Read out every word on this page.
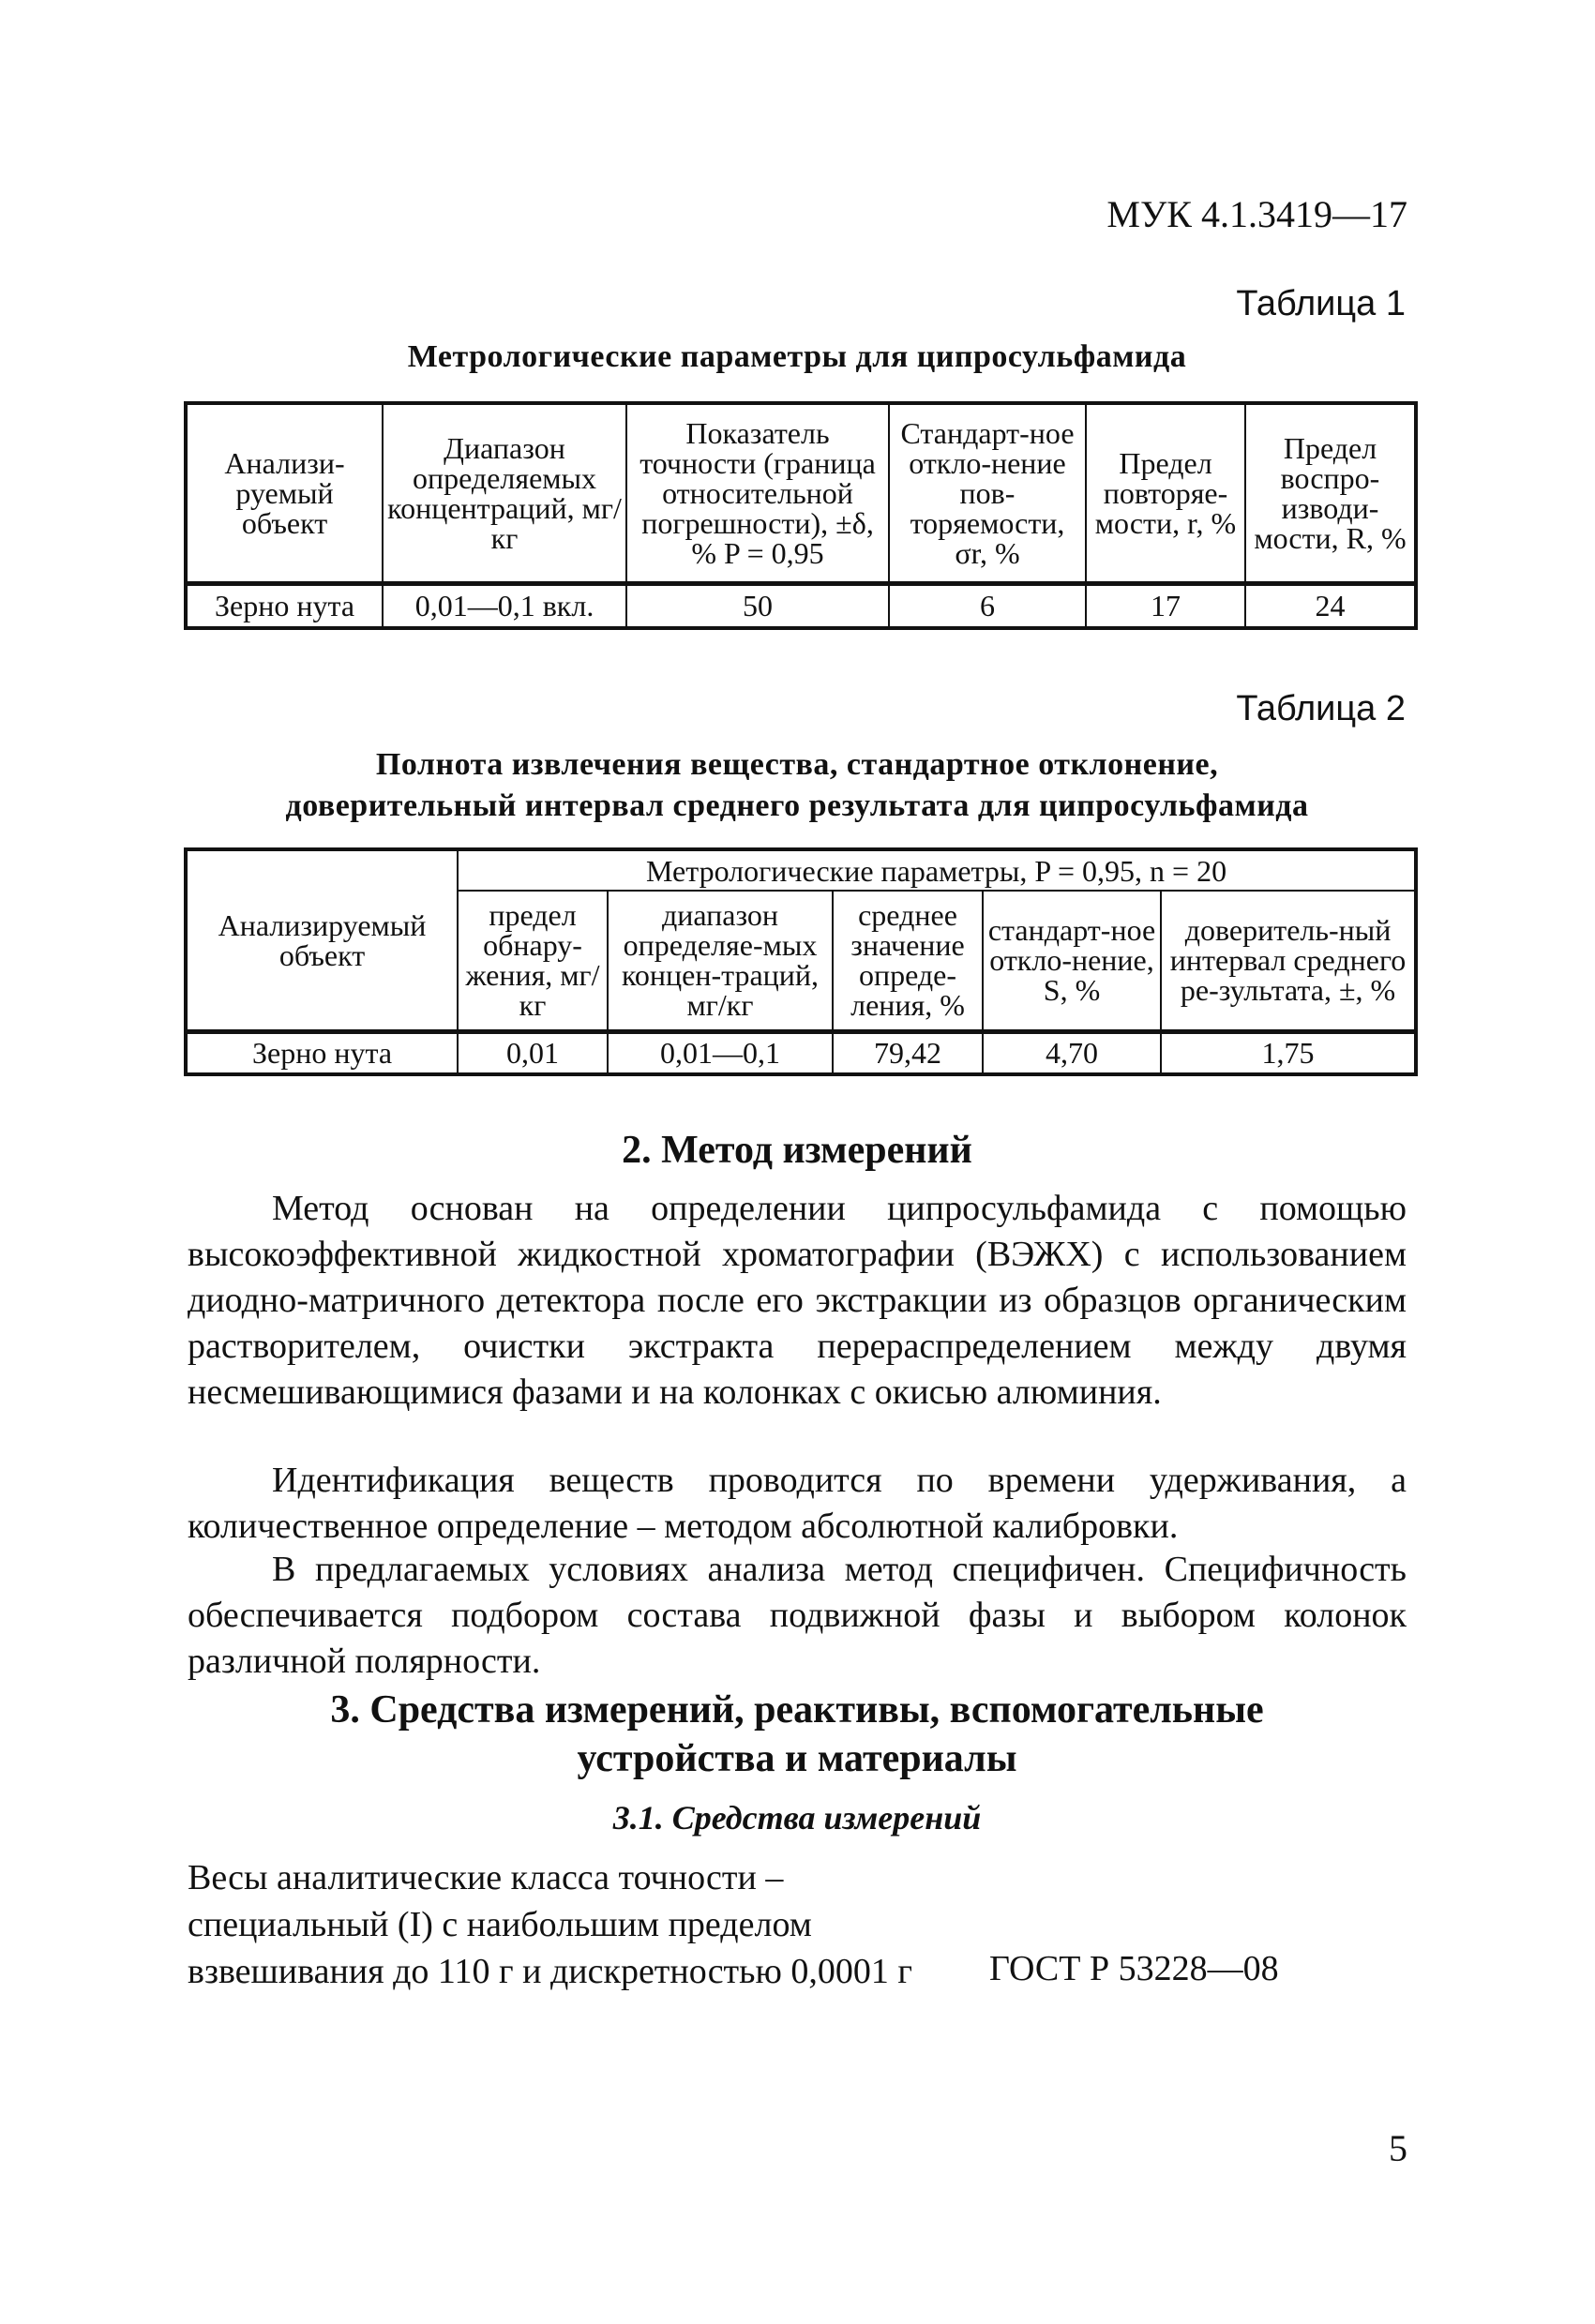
МУК 4.1.3419—17
Таблица 1
Метрологические параметры для ципросульфамида
Анализи-руемый объект	Диапазон определяемых концентраций, мг/кг	Показатель точности (граница относительной погрешности), ±δ, % P = 0,95	Стандарт-ное откло-нение пов-торяемости, σr, %	Предел повторяе-мости, r, %	Предел воспро-изводи-мости, R, %
Зерно нута	0,01—0,1 вкл.	50	6	17	24
Таблица 2
Полнота извлечения вещества, стандартное отклонение,
доверительный интервал среднего результата для ципросульфамида
Анализируемый объект	Метрологические параметры, P = 0,95, n = 20				
	предел обнару-жения, мг/кг	диапазон определяе-мых концен-траций, мг/кг	среднее значение опреде-ления, %	стандарт-ное откло-нение, S, %	доверитель-ный интервал среднего ре-зультата, ±, %
Зерно нута	0,01	0,01—0,1	79,42	4,70	1,75
2. Метод измерений
Метод основан на определении ципросульфамида с помощью высокоэффективной жидкостной хроматографии (ВЭЖХ) с использованием диодно-матричного детектора после его экстракции из образцов органическим растворителем, очистки экстракта перераспределением между двумя несмешивающимися фазами и на колонках с окисью алюминия.
Идентификация веществ проводится по времени удерживания, а количественное определение – методом абсолютной калибровки.
В предлагаемых условиях анализа метод специфичен. Специфичность обеспечивается подбором состава подвижной фазы и выбором колонок различной полярности.
3. Средства измерений, реактивы, вспомогательные
устройства и материалы
3.1. Средства измерений
Весы аналитические класса точности – специальный (I) с наибольшим пределом взвешивания до 110 г и дискретностью 0,0001 г	ГОСТ Р 53228—08
5
